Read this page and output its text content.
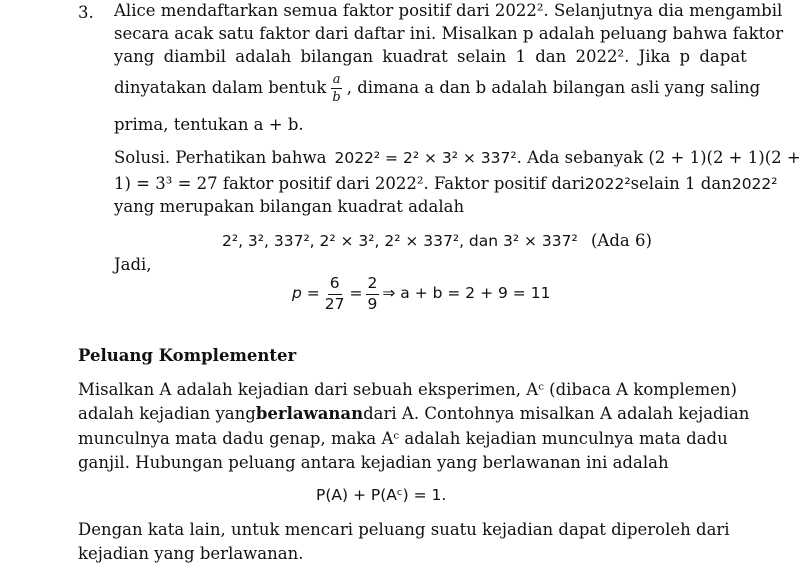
3. Alice mendaftarkan semua faktor positif dari 2022². Selanjutnya dia mengambil
secara acak satu faktor dari daftar ini. Misalkan p adalah peluang bahwa faktor
yang diambil adalah bilangan kuadrat selain 1 dan 2022². Jika p dapat
dinyatakan dalam bentuk $\frac{a}{b}$ , dimana a dan b adalah bilangan asli yang saling
prima, tentukan a + b.
Solusi. Perhatikan bahwa 2022² = 2² × 3² × 337² . Ada sebanyak (2 + 1)(2 + 1)(2 +
1) = 3³ = 27 faktor positif dari 2022². Faktor positif dari 2022² selain 1 dan 2022²
yang merupakan bilangan kuadrat adalah
2², 3², 337², 2² × 3², 2² × 337², dan 3² × 337² (Ada 6)
Jadi,
$p = \frac{6}{27} = \frac{2}{9}$ ⇒ a + b = 2 + 9 = 11
Peluang Komplementer
Misalkan A adalah kejadian dari sebuah eksperimen, Aᶜ (dibaca A komplemen)
adalah kejadian yang berlawanan dari A. Contohnya misalkan A adalah kejadian
munculnya mata dadu genap, maka Aᶜ adalah kejadian munculnya mata dadu
ganjil. Hubungan peluang antara kejadian yang berlawanan ini adalah
P(A) + P(Aᶜ) = 1.
Dengan kata lain, untuk mencari peluang suatu kejadian dapat diperoleh dari
kejadian yang berlawanan.
